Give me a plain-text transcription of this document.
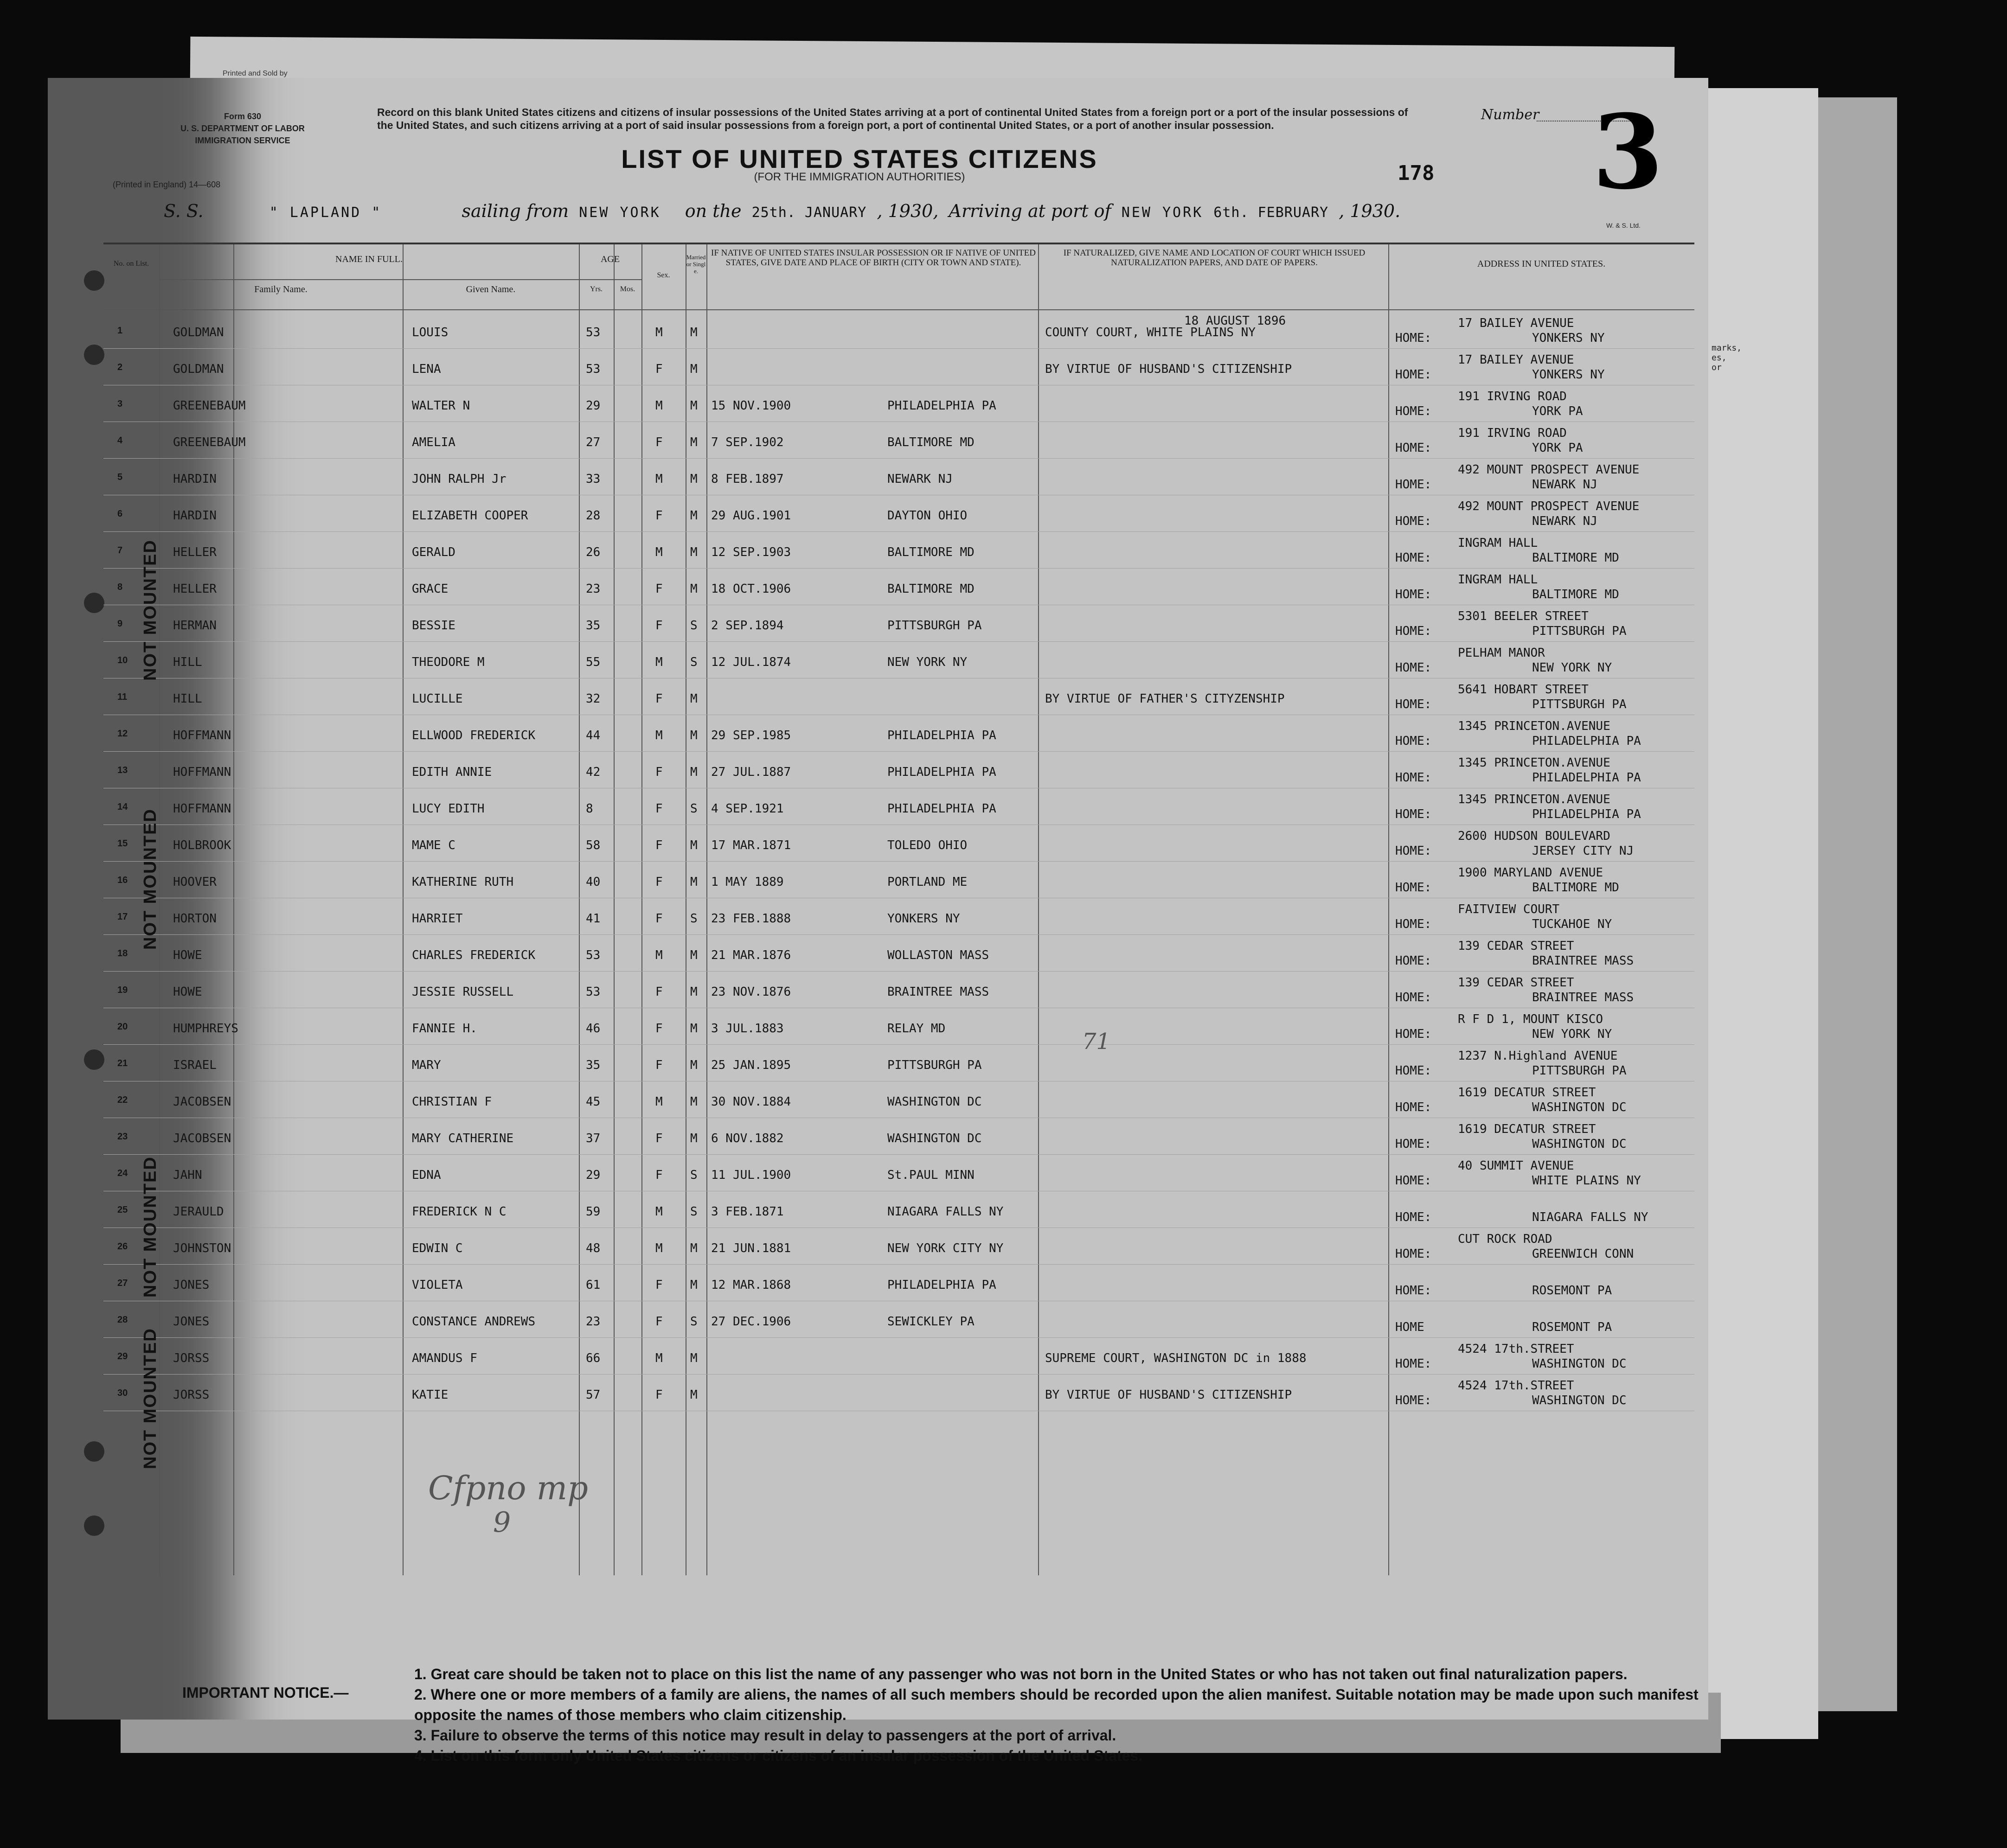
Form 630
U. S. DEPARTMENT OF LABOR
IMMIGRATION SERVICE
(Printed in England) 14—608
Record on this blank United States citizens and citizens of insular possessions of the United States arriving at a port of continental United States from a foreign port or a port of the insular possessions of the United States, and such citizens arriving at a port of said insular possessions from a foreign port, a port of continental United States, or a port of another insular possession.
LIST OF UNITED STATES CITIZENS
(FOR THE IMMIGRATION AUTHORITIES)	178
Number 3
S. S.	" LAPLAND "	sailing from NEW YORK on the 25th. JANUARY , 1930, Arriving at port of NEW YORK 6th. FEBRUARY , 1930.
W. & S. Ltd.
No. on List.	NAME IN FULL.
Family Name.	Given Name.
AGE
Yrs.	Mos.
Sex.
Married or Single.
IF NATIVE OF UNITED STATES INSULAR POSSESSION OR IF NATIVE OF UNITED STATES, GIVE DATE AND PLACE OF BIRTH (CITY OR TOWN AND STATE).
IF NATURALIZED, GIVE NAME AND LOCATION OF COURT WHICH ISSUED NATURALIZATION PAPERS, AND DATE OF PAPERS.	ADDRESS IN UNITED STATES.
1	GOLDMAN	LOUIS	53	M M	COUNTY COURT, WHITE PLAINS NY
18 AUGUST 1896
HOME:
17 BAILEY AVENUE
YONKERS NY
2	GOLDMAN	LENA	53	F M	BY VIRTUE OF HUSBAND'S CITIZENSHIP	HOME:
17 BAILEY AVENUE
YONKERS NY
3	GREENEBAUM	WALTER N	29	M M 15 NOV.1900	PHILADELPHIA PA	HOME:
191 IRVING ROAD
YORK PA
4	GREENEBAUM	AMELIA	27	F M 7 SEP.1902	BALTIMORE MD	HOME:
191 IRVING ROAD
YORK PA
5	HARDIN	JOHN RALPH Jr	33	M M 8 FEB.1897	NEWARK NJ	HOME:
492 MOUNT PROSPECT AVENUE
NEWARK NJ
6	HARDIN	ELIZABETH COOPER	28	F M 29 AUG.1901	DAYTON OHIO	HOME:
492 MOUNT PROSPECT AVENUE
NEWARK NJ
7	HELLER	GERALD	26	M M 12 SEP.1903	BALTIMORE MD	HOME:
INGRAM HALL
BALTIMORE MD
8	HELLER	GRACE	23	F M 18 OCT.1906	BALTIMORE MD	HOME:
INGRAM HALL
BALTIMORE MD
9	HERMAN	BESSIE	35	F S 2 SEP.1894	PITTSBURGH PA	HOME:
5301 BEELER STREET
PITTSBURGH PA
10	HILL	THEODORE M	55	M S 12 JUL.1874	NEW YORK NY	HOME:
PELHAM MANOR
NEW YORK NY
11	HILL	LUCILLE	32	F M	BY VIRTUE OF FATHER'S CITYZENSHIP	HOME:
5641 HOBART STREET
PITTSBURGH PA
12	HOFFMANN	ELLWOOD FREDERICK	44	M M 29 SEP.1985	PHILADELPHIA PA	HOME:
1345 PRINCETON.AVENUE
PHILADELPHIA PA
13	HOFFMANN	EDITH ANNIE	42	F M 27 JUL.1887	PHILADELPHIA PA	HOME:
1345 PRINCETON.AVENUE
PHILADELPHIA PA
14	HOFFMANN	LUCY EDITH	8	F S 4 SEP.1921	PHILADELPHIA PA	HOME:
1345 PRINCETON.AVENUE
PHILADELPHIA PA
15	HOLBROOK	MAME C	58	F M 17 MAR.1871	TOLEDO OHIO	HOME:
2600 HUDSON BOULEVARD
JERSEY CITY NJ
16	HOOVER	KATHERINE RUTH	40	F M 1 MAY 1889	PORTLAND ME	HOME:
1900 MARYLAND AVENUE
BALTIMORE MD
17	HORTON	HARRIET	41	F S 23 FEB.1888	YONKERS NY	HOME:
FAITVIEW COURT
TUCKAHOE NY
18	HOWE	CHARLES FREDERICK	53	M M 21 MAR.1876	WOLLASTON MASS	HOME:
139 CEDAR STREET
BRAINTREE MASS
19	HOWE	JESSIE RUSSELL	53	F M 23 NOV.1876	BRAINTREE MASS	HOME:
139 CEDAR STREET
BRAINTREE MASS
20	HUMPHREYS	FANNIE H.	46	F M 3 JUL.1883	RELAY MD	HOME:
R F D 1, MOUNT KISCO
NEW YORK NY
21	ISRAEL	MARY	35	F M 25 JAN.1895	PITTSBURGH PA	HOME:
1237 N.Highland AVENUE
PITTSBURGH PA
22	JACOBSEN	CHRISTIAN F	45	M M 30 NOV.1884	WASHINGTON DC	HOME:
1619 DECATUR STREET
WASHINGTON DC
23	JACOBSEN	MARY CATHERINE	37	F M 6 NOV.1882	WASHINGTON DC	HOME:
1619 DECATUR STREET
WASHINGTON DC
24	JAHN	EDNA	29	F S 11 JUL.1900	St.PAUL MINN	HOME:
40 SUMMIT AVENUE
WHITE PLAINS NY
25	JERAULD	FREDERICK N C	59	M S 3 FEB.1871	NIAGARA FALLS NY	HOME:	NIAGARA FALLS NY
26	JOHNSTON	EDWIN C	48	M M 21 JUN.1881	NEW YORK CITY NY	HOME:
CUT ROCK ROAD
GREENWICH CONN
27	JONES	VIOLETA	61	F M 12 MAR.1868	PHILADELPHIA PA	HOME:	ROSEMONT PA
28	JONES	CONSTANCE ANDREWS	23	F S 27 DEC.1906	SEWICKLEY PA	HOME	ROSEMONT PA
29	JORSS	AMANDUS F	66	M M	SUPREME COURT, WASHINGTON DC in 1888	HOME:
4524 17th.STREET
WASHINGTON DC
30	JORSS	KATIE	57	F M	BY VIRTUE OF HUSBAND'S CITIZENSHIP	HOME:
4524 17th.STREET
WASHINGTON DC
NOT MOUNTED
NOT MOUNTED
NOT MOUNTED
NOT MOUNTED
Cfpno mp
9
71
IMPORTANT NOTICE.—
1. Great care should be taken not to place on this list the name of any passenger who was not born in the United States or who has not taken out final naturalization papers.
2. Where one or more members of a family are aliens, the names of all such members should be recorded upon the alien manifest. Suitable notation may be made upon such manifest opposite the names of those members who claim citizenship.
3. Failure to observe the terms of this notice may result in delay to passengers at the port of arrival.
4. List on this form only United States citizens or citizens of an insular possession of the United States.
marks, es, or
Printed and Sold by
